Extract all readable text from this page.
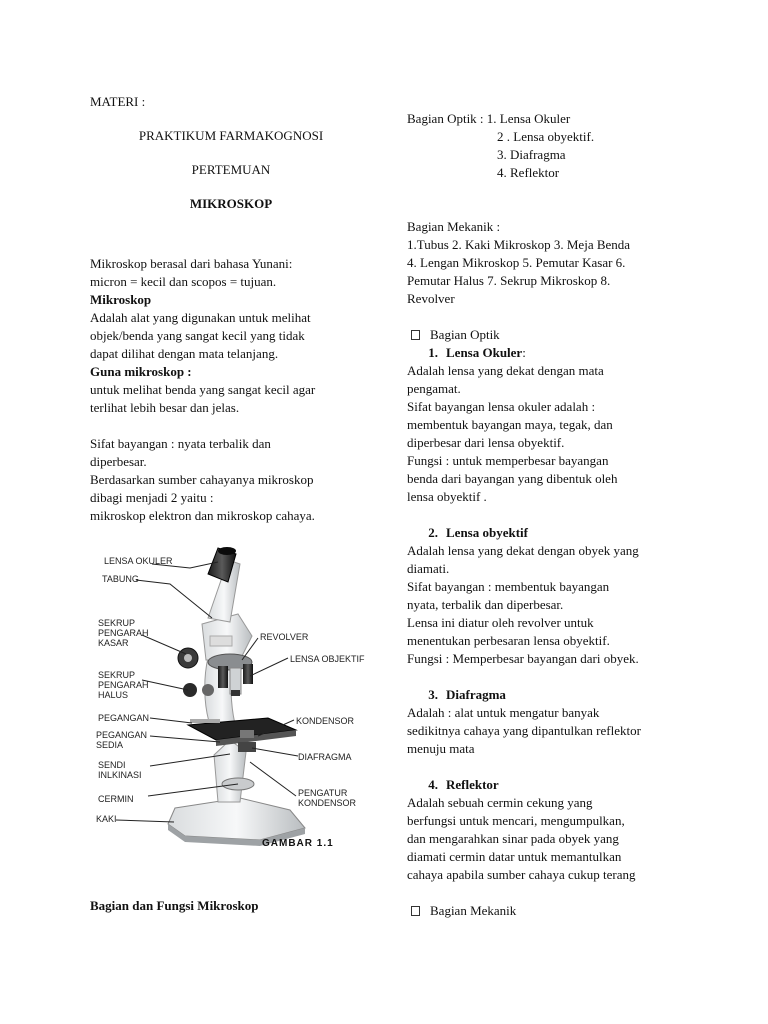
MATERI :
PRAKTIKUM FARMAKOGNOSI
PERTEMUAN
MIKROSKOP
Mikroskop berasal dari bahasa Yunani:
micron = kecil dan scopos = tujuan.
Mikroskop
Adalah alat yang digunakan untuk melihat
objek/benda yang sangat kecil yang tidak
dapat dilihat dengan mata telanjang.
Guna mikroskop :
untuk melihat benda yang sangat kecil agar
terlihat lebih besar dan jelas.
Sifat bayangan : nyata terbalik dan
diperbesar.
Berdasarkan sumber cahayanya mikroskop
dibagi menjadi 2 yaitu :
mikroskop elektron dan mikroskop cahaya.
LENSA OKULER
TABUNG
SEKRUP
PENGARAH
KASAR
SEKRUP
PENGARAH
HALUS
PEGANGAN
PEGANGAN
SEDIA
SENDI
INLKINASI
CERMIN
KAKI
REVOLVER
LENSA OBJEKTIF
KONDENSOR
DIAFRAGMA
PENGATUR
KONDENSOR
GAMBAR 1.1
Bagian dan Fungsi Mikroskop
Bagian Optik : 1. Lensa Okuler
2 . Lensa obyektif.
3. Diafragma
4. Reflektor
Bagian Mekanik :
1.Tubus 2. Kaki Mikroskop 3. Meja Benda
4. Lengan Mikroskop 5. Pemutar Kasar 6.
Pemutar Halus 7. Sekrup Mikroskop 8.
Revolver
Bagian Optik
1. Lensa Okuler :
Adalah lensa yang dekat dengan mata
pengamat.
Sifat bayangan lensa okuler adalah :
membentuk bayangan maya, tegak, dan
diperbesar dari lensa obyektif.
Fungsi : untuk memperbesar bayangan
benda dari bayangan yang dibentuk oleh
lensa obyektif .
2. Lensa obyektif
Adalah lensa yang dekat dengan obyek yang
diamati.
Sifat bayangan : membentuk bayangan
nyata, terbalik dan diperbesar.
Lensa ini diatur oleh revolver untuk
menentukan perbesaran lensa obyektif.
Fungsi : Memperbesar bayangan dari obyek.
3. Diafragma
Adalah : alat untuk mengatur banyak
sedikitnya cahaya yang dipantulkan reflektor
menuju mata
4. Reflektor
Adalah sebuah cermin cekung yang
berfungsi untuk mencari, mengumpulkan,
dan mengarahkan sinar pada obyek yang
diamati cermin datar untuk memantulkan
cahaya apabila sumber cahaya cukup terang
Bagian Mekanik
